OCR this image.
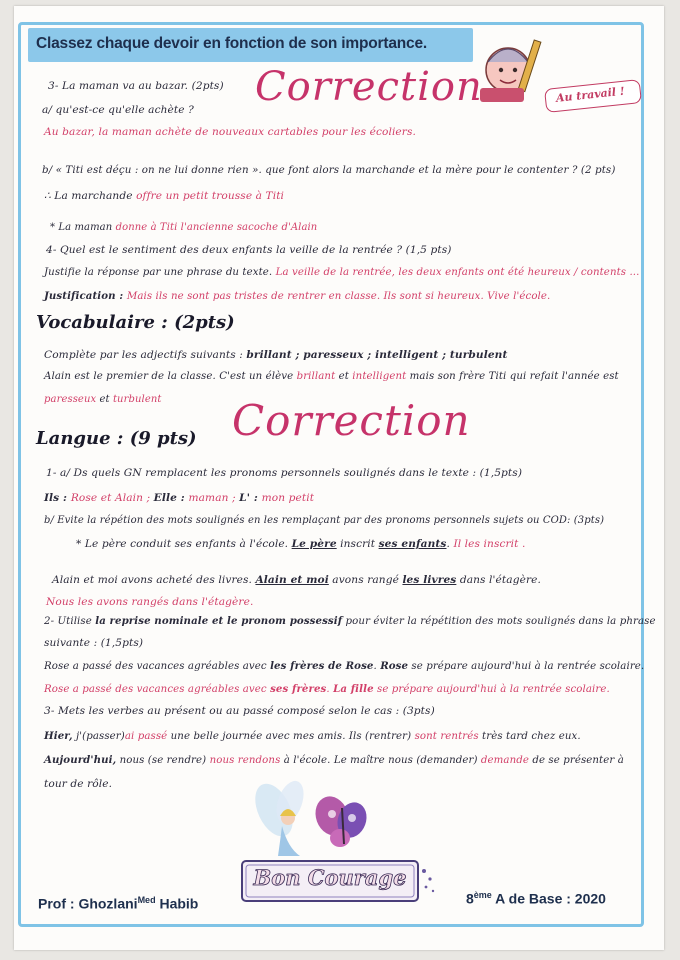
Classez chaque devoir en fonction de son importance.
Au travail !
Correction
3- La maman va au bazar. (2pts)
a/ qu'est-ce qu'elle achète ?
Au bazar, la maman achète de nouveaux cartables pour les écoliers.
b/ « Titi est déçu : on ne lui donne rien ». que font alors la marchande et la mère pour le contenter ? (2 pts)
∴ La marchande offre un petit trousse à Titi
* La maman donne à Titi l'ancienne sacoche d'Alain
4- Quel est le sentiment des deux enfants la veille de la rentrée ? (1,5 pts)
Justifie la réponse par une phrase du texte. La veille de la rentrée, les deux enfants ont été heureux / contents ...
Justification : Mais ils ne sont pas tristes de rentrer en classe. Ils sont si heureux. Vive l'école.
Vocabulaire : (2pts)
Complète par les adjectifs suivants : brillant ; paresseux ; intelligent ; turbulent
Alain est le premier de la classe. C'est un élève brillant et intelligent mais son frère Titi qui refait l'année est
paresseux et turbulent Correction
Langue : (9 pts)
1- a/ Ds quels GN remplacent les pronoms personnels soulignés dans le texte : (1,5pts)
Ils : Rose et Alain ; Elle : maman ; L' : mon petit
b/ Evite la répétion des mots soulignés en les remplaçant par des pronoms personnels sujets ou COD: (3pts)
* Le père conduit ses enfants à l'école. Le père inscrit ses enfants. Il les inscrit .
Alain et moi avons acheté des livres. Alain et moi avons rangé les livres dans l'étagère.
Nous les avons rangés dans l'étagère.
2- Utilise la reprise nominale et le pronom possessif pour éviter la répétition des mots soulignés dans la phrase
suivante : (1,5pts)
Rose a passé des vacances agréables avec les frères de Rose. Rose se prépare aujourd'hui à la rentrée scolaire.
Rose a passé des vacances agréables avec ses frères. La fille se prépare aujourd'hui à la rentrée scolaire.
3- Mets les verbes au présent ou au passé composé selon le cas : (3pts)
Hier, j'(passer)ai passé une belle journée avec mes amis. Ils (rentrer) sont rentrés très tard chez eux.
Aujourd'hui, nous (se rendre) nous rendons à l'école. Le maître nous (demander) demande de se présenter à
tour de rôle.
Bon Courage
Prof : Ghozlani$^{Med}$ Habib	8ème A de Base : 2020
